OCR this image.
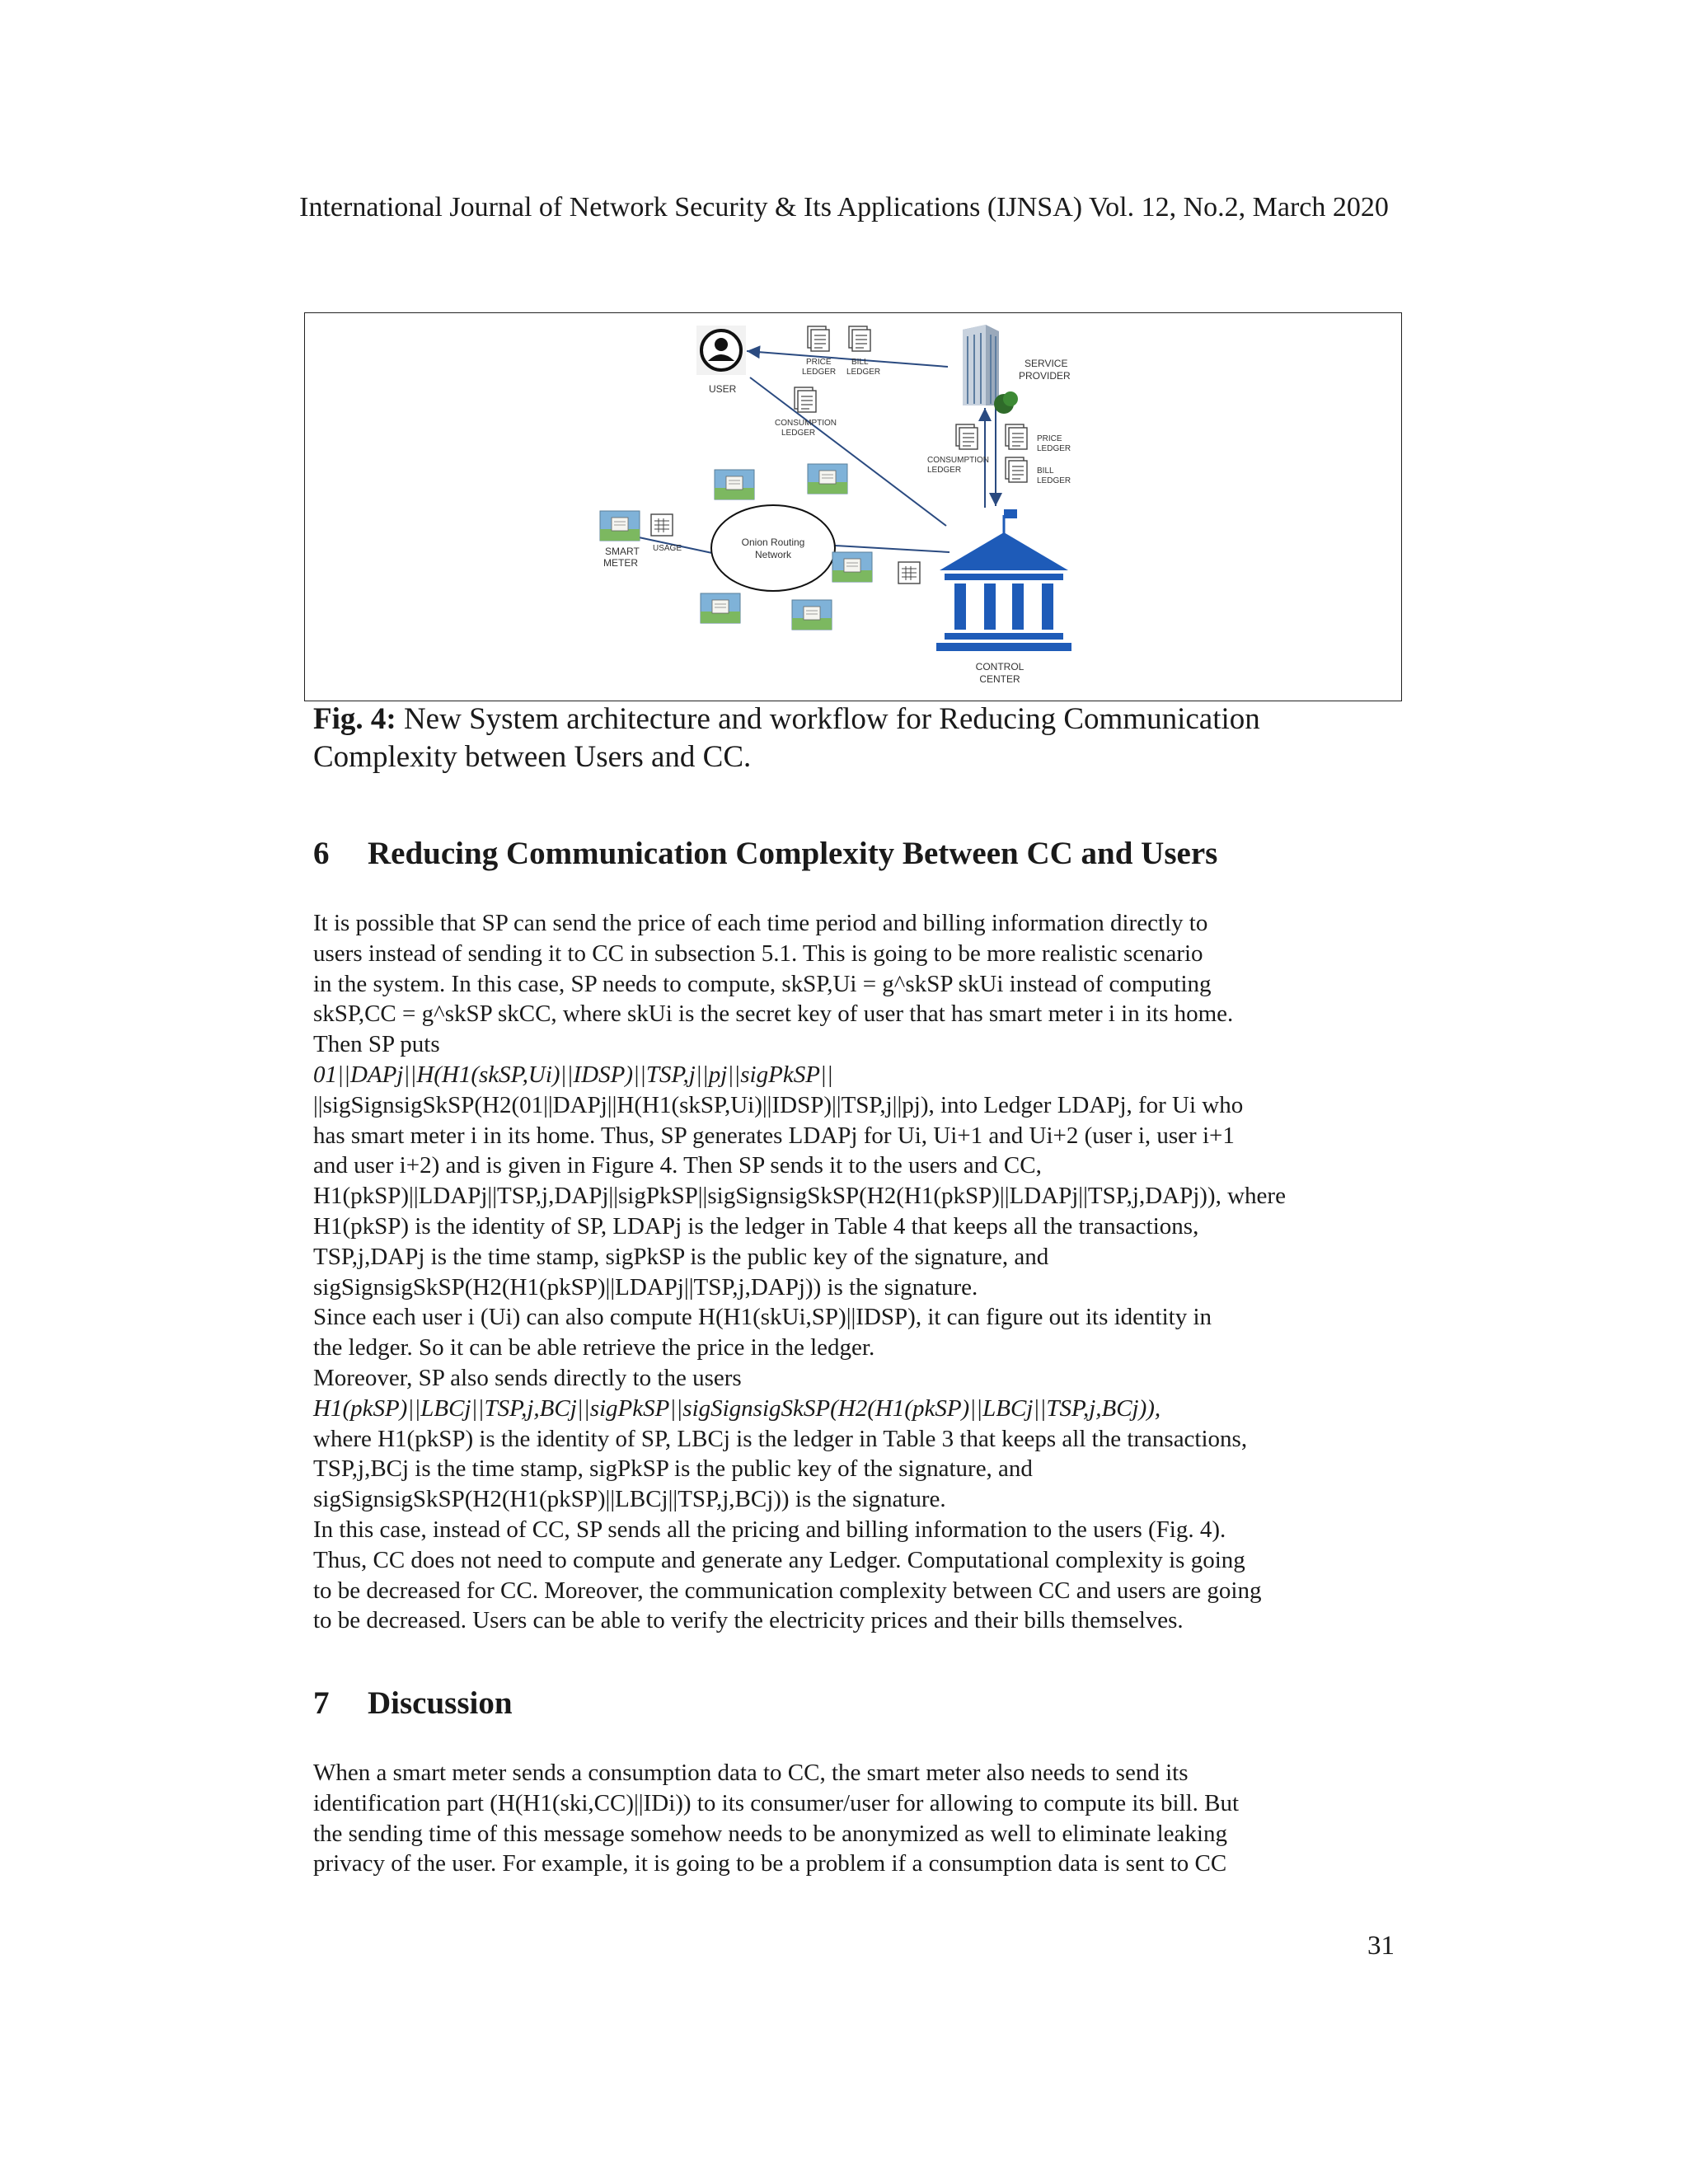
International Journal of Network Security & Its Applications (IJNSA) Vol. 12, No.2, March 2020
USER
PRICE LEDGER
BILL LEDGER
CONSUMPTION LEDGER
SERVICE PROVIDER
CONSUMPTION LEDGER
PRICE LEDGER
BILL LEDGER
Onion Routing Network
SMART METER
USAGE
CONTROL CENTER
Fig. 4: New System architecture and workflow for Reducing Communication Complexity between Users and CC.
6 Reducing Communication Complexity Between CC and Users

It is possible that SP can send the price of each time period and billing information directly to

users instead of sending it to CC in subsection 5.1. This is going to be more realistic scenario

in the system. In this case, SP needs to compute, skSP,Ui = g^skSP skUi instead of computing

skSP,CC = g^skSP skCC, where skUi is the secret key of user that has smart meter i in its home.

Then SP puts

01||DAPj||H(H1(skSP,Ui)||IDSP)||TSP,j||pj||sigPkSP||

||sigSignsigSkSP(H2(01||DAPj||H(H1(skSP,Ui)||IDSP)||TSP,j||pj), into Ledger LDAPj, for Ui who

has smart meter i in its home. Thus, SP generates LDAPj for Ui, Ui+1 and Ui+2 (user i, user i+1

and user i+2) and is given in Figure 4. Then SP sends it to the users and CC,

H1(pkSP)||LDAPj||TSP,j,DAPj||sigPkSP||sigSignsigSkSP(H2(H1(pkSP)||LDAPj||TSP,j,DAPj)), where

H1(pkSP) is the identity of SP, LDAPj is the ledger in Table 4 that keeps all the transactions,

TSP,j,DAPj is the time stamp, sigPkSP is the public key of the signature, and

sigSignsigSkSP(H2(H1(pkSP)||LDAPj||TSP,j,DAPj)) is the signature.

Since each user i (Ui) can also compute H(H1(skUi,SP)||IDSP), it can figure out its identity in

the ledger. So it can be able retrieve the price in the ledger.

Moreover, SP also sends directly to the users

H1(pkSP)||LBCj||TSP,j,BCj||sigPkSP||sigSignsigSkSP(H2(H1(pkSP)||LBCj||TSP,j,BCj)),

where H1(pkSP) is the identity of SP, LBCj is the ledger in Table 3 that keeps all the transactions,

TSP,j,BCj is the time stamp, sigPkSP is the public key of the signature, and

sigSignsigSkSP(H2(H1(pkSP)||LBCj||TSP,j,BCj)) is the signature.

In this case, instead of CC, SP sends all the pricing and billing information to the users (Fig. 4).

Thus, CC does not need to compute and generate any Ledger. Computational complexity is going

to be decreased for CC. Moreover, the communication complexity between CC and users are going

to be decreased. Users can be able to verify the electricity prices and their bills themselves.

7 Discussion

When a smart meter sends a consumption data to CC, the smart meter also needs to send its

identification part (H(H1(ski,CC)||IDi)) to its consumer/user for allowing to compute its bill. But

the sending time of this message somehow needs to be anonymized as well to eliminate leaking

privacy of the user. For example, it is going to be a problem if a consumption data is sent to CC

31
